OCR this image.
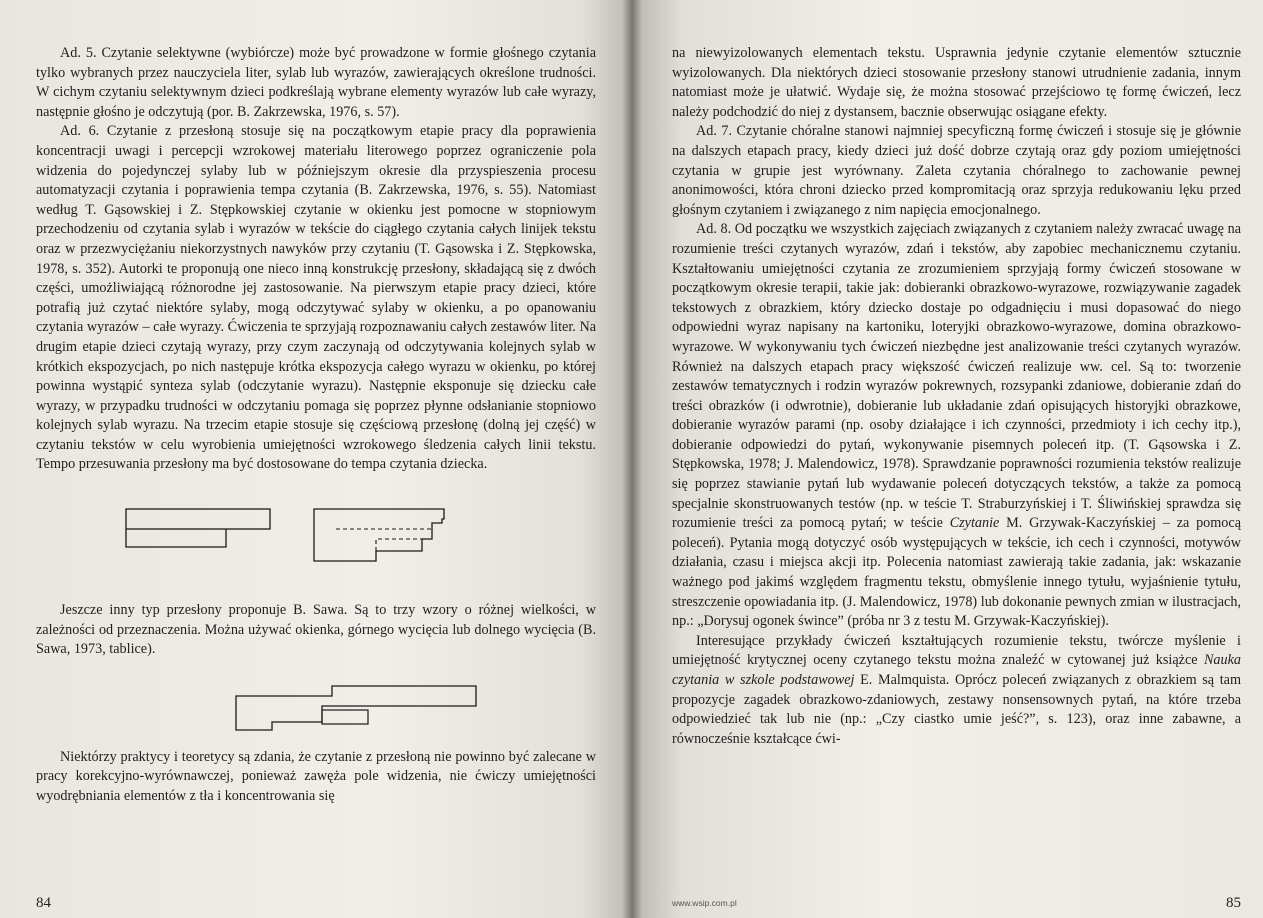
Ad. 5. Czytanie selektywne (wybiórcze) może być prowadzone w formie głośnego czytania tylko wybranych przez nauczyciela liter, sylab lub wyrazów, zawierających określone trudności. W cichym czytaniu selektywnym dzieci podkreślają wybrane elementy wyrazów lub całe wyrazy, następnie głośno je odczytują (por. B. Zakrzewska, 1976, s. 57).

Ad. 6. Czytanie z przesłoną stosuje się na początkowym etapie pracy dla poprawienia koncentracji uwagi i percepcji wzrokowej materiału literowego poprzez ograniczenie pola widzenia do pojedynczej sylaby lub w późniejszym okresie dla przyspieszenia procesu automatyzacji czytania i poprawienia tempa czytania (B. Zakrzewska, 1976, s. 55). Natomiast według T. Gąsowskiej i Z. Stępkowskiej czytanie w okienku jest pomocne w stopniowym przechodzeniu od czytania sylab i wyrazów w tekście do ciągłego czytania całych linijek tekstu oraz w przezwyciężaniu niekorzystnych nawyków przy czytaniu (T. Gąsowska i Z. Stępkowska, 1978, s. 352). Autorki te proponują one nieco inną konstrukcję przesłony, składającą się z dwóch części, umożliwiającą różnorodne jej zastosowanie. Na pierwszym etapie pracy dzieci, które potrafią już czytać niektóre sylaby, mogą odczytywać sylaby w okienku, a po opanowaniu czytania wyrazów – całe wyrazy. Ćwiczenia te sprzyjają rozpoznawaniu całych zestawów liter. Na drugim etapie dzieci czytają wyrazy, przy czym zaczynają od odczytywania kolejnych sylab w krótkich ekspozycjach, po nich następuje krótka ekspozycja całego wyrazu w okienku, po której powinna wystąpić synteza sylab (odczytanie wyrazu). Następnie eksponuje się dziecku całe wyrazy, w przypadku trudności w odczytaniu pomaga się poprzez płynne odsłanianie stopniowo kolejnych sylab wyrazu. Na trzecim etapie stosuje się częściową przesłonę (dolną jej część) w czytaniu tekstów w celu wyrobienia umiejętności wzrokowego śledzenia całych linii tekstu. Tempo przesuwania przesłony ma być dostosowane do tempa czytania dziecka.

Jeszcze inny typ przesłony proponuje B. Sawa. Są to trzy wzory o różnej wielkości, w zależności od przeznaczenia. Można używać okienka, górnego wycięcia lub dolnego wycięcia (B. Sawa, 1973, tablice).

Niektórzy praktycy i teoretycy są zdania, że czytanie z przesłoną nie powinno być zalecane w pracy korekcyjno-wyrównawczej, ponieważ zawęża pole widzenia, nie ćwiczy umiejętności wyodrębniania elementów z tła i koncentrowania się

84

na niewyizolowanych elementach tekstu. Usprawnia jedynie czytanie elementów sztucznie wyizolowanych. Dla niektórych dzieci stosowanie przesłony stanowi utrudnienie zadania, innym natomiast może je ułatwić. Wydaje się, że można stosować przejściowo tę formę ćwiczeń, lecz należy podchodzić do niej z dystansem, bacznie obserwując osiągane efekty.

Ad. 7. Czytanie chóralne stanowi najmniej specyficzną formę ćwiczeń i stosuje się je głównie na dalszych etapach pracy, kiedy dzieci już dość dobrze czytają oraz gdy poziom umiejętności czytania w grupie jest wyrównany. Zaleta czytania chóralnego to zachowanie pewnej anonimowości, która chroni dziecko przed kompromitacją oraz sprzyja redukowaniu lęku przed głośnym czytaniem i związanego z nim napięcia emocjonalnego.

Ad. 8. Od początku we wszystkich zajęciach związanych z czytaniem należy zwracać uwagę na rozumienie treści czytanych wyrazów, zdań i tekstów, aby zapobiec mechanicznemu czytaniu. Kształtowaniu umiejętności czytania ze zrozumieniem sprzyjają formy ćwiczeń stosowane w początkowym okresie terapii, takie jak: dobieranki obrazkowo-wyrazowe, rozwiązywanie zagadek tekstowych z obrazkiem, który dziecko dostaje po odgadnięciu i musi dopasować do niego odpowiedni wyraz napisany na kartoniku, loteryjki obrazkowo-wyrazowe, domina obrazkowo-wyrazowe. W wykonywaniu tych ćwiczeń niezbędne jest analizowanie treści czytanych wyrazów. Również na dalszych etapach pracy większość ćwiczeń realizuje ww. cel. Są to: tworzenie zestawów tematycznych i rodzin wyrazów pokrewnych, rozsypanki zdaniowe, dobieranie zdań do treści obrazków (i odwrotnie), dobieranie lub układanie zdań opisujących historyjki obrazkowe, dobieranie wyrazów parami (np. osoby działające i ich czynności, przedmioty i ich cechy itp.), dobieranie odpowiedzi do pytań, wykonywanie pisemnych poleceń itp. (T. Gąsowska i Z. Stępkowska, 1978; J. Malendowicz, 1978). Sprawdzanie poprawności rozumienia tekstów realizuje się poprzez stawianie pytań lub wydawanie poleceń dotyczących tekstów, a także za pomocą specjalnie skonstruowanych testów (np. w teście T. Straburzyńskiej i T. Śliwińskiej sprawdza się rozumienie treści za pomocą pytań; w teście Czytanie M. Grzywak-Kaczyńskiej – za pomocą poleceń). Pytania mogą dotyczyć osób występujących w tekście, ich cech i czynności, motywów działania, czasu i miejsca akcji itp. Polecenia natomiast zawierają takie zadania, jak: wskazanie ważnego pod jakimś względem fragmentu tekstu, obmyślenie innego tytułu, wyjaśnienie tytułu, streszczenie opowiadania itp. (J. Malendowicz, 1978) lub dokonanie pewnych zmian w ilustracjach, np.: „Dorysuj ogonek śwince” (próba nr 3 z testu M. Grzywak-Kaczyńskiej).

Interesujące przykłady ćwiczeń kształtujących rozumienie tekstu, twórcze myślenie i umiejętność krytycznej oceny czytanego tekstu można znaleźć w cytowanej już książce Nauka czytania w szkole podstawowej E. Malmquista. Oprócz poleceń związanych z obrazkiem są tam propozycje zagadek obrazkowo-zdaniowych, zestawy nonsensownych pytań, na które trzeba odpowiedzieć tak lub nie (np.: „Czy ciastko umie jeść?”, s. 123), oraz inne zabawne, a równocześnie kształcące ćwi-

www.wsip.com.pl	85
